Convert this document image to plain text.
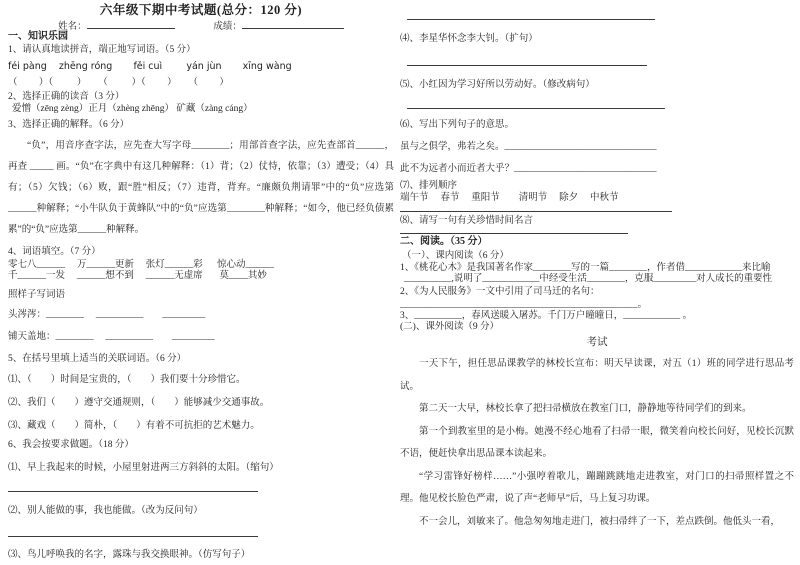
六年级下期中考试题(总分：120 分)
姓名：	成绩：
一、知识乐园
1、请认真地读拼音，端正地写词语。（5 分）
féi pàng    zhēng róng       fěi cuì        yán jùn       xīng wàng
（         ）（          ）     （          ）（         ）     （         ）
2、选择正确的读音（3 分）
爱憎（zēng zèng）正月（zhèng zhēng） 矿藏（zàng cáng）
3、选择正确的解释。（6 分）
“负”，用音序查字法，应先查大写字母________；用部首查字法，应先查部首______，再查 _____ 画。“负”在字典中有这几种解释：（1）背；（2）仗恃，依靠；（3）遭受；（4）具有；（5）欠钱；（6）败，跟“胜”相反；（7）违背，背弃。“廉颇负荆请罪”中的“负”应选第______种解释；“小牛队负于黄蜂队”中的“负”应选第________种解释；“如今，他已经负债累累”的“负”应选第______种解释。
4、词语填空。（7 分）
零七八______　 万______更新　 张灯______彩　  惊心动______
千______一发　 ______想不到　 ______无虚席　   莫____其妙
照样子写词语
头涔涔：________　 __________　　_________
铺天盖地：________　 __________　　_________
5、在括号里填上适当的关联词语。（6 分）
⑴、（　　）时间是宝贵的，（　　）我们要十分珍惜它。
⑵、我们（　　）遵守交通规则，（　　）能够减少交通事故。
⑶、藏戏（　　）简朴，（　　）有着不可抗拒的艺术魅力。
6、我会按要求做题。（18 分）
⑴、早上我起来的时候，小屋里射进两三方斜斜的太阳。（缩句）
⑵、别人能做的事，我也能做。（改为反问句）
⑶、鸟儿呼唤我的名字，露珠与我交换眼神。（仿写句子）
⑷、李星华怀念李大钊。（扩句）
⑸、小红因为学习好所以劳动好。（修改病句）
⑹、写出下列句子的意思。
虽与之俱学，弗若之矣。________________________________
此不为远者小而近者大乎？______________________________
⑺、排列顺序
端午节　 春节　 重阳节　　清明节　 除夕　 中秋节
⑻、请写一句有关珍惜时间名言
二、阅读。（35 分）
（一）、课内阅读（6 分）
1、《桃花心木》是我国著名作家________写的一篇________，作者借____________来比喻
__________,说明了____________中经受生活________，克服_________对人成长的重要性
2、《为人民服务》一文中引用了司马迁的名句：
__________________________________________________。
3、__________，春风送暖入屠苏。千门万户曈曈日，____________ 。
(二)、课外阅读（9 分）
考试

一天下午，担任思品课教学的林校长宣布：明天早读课，对五（1）班的同学进行思品考试。

第二天一大早，林校长拿了把扫帚横放在教室门口，静静地等待同学们的到来。

第一个到教室里的是小梅。她漫不经心地看了扫帚一眼，微笑着向校长问好，见校长沉默不语，便赶快拿出思品课本读起来。

“学习雷锋好榜样……”小强哼着歌儿，蹦蹦跳跳地走进教室，对门口的扫帚照样置之不理。他见校长脸色严肃，说了声“老师早”后，马上复习功课。

不一会儿，刘敏来了。他急匆匆地走进门，被扫帚绊了一下，差点跌倒。他低头一看，
